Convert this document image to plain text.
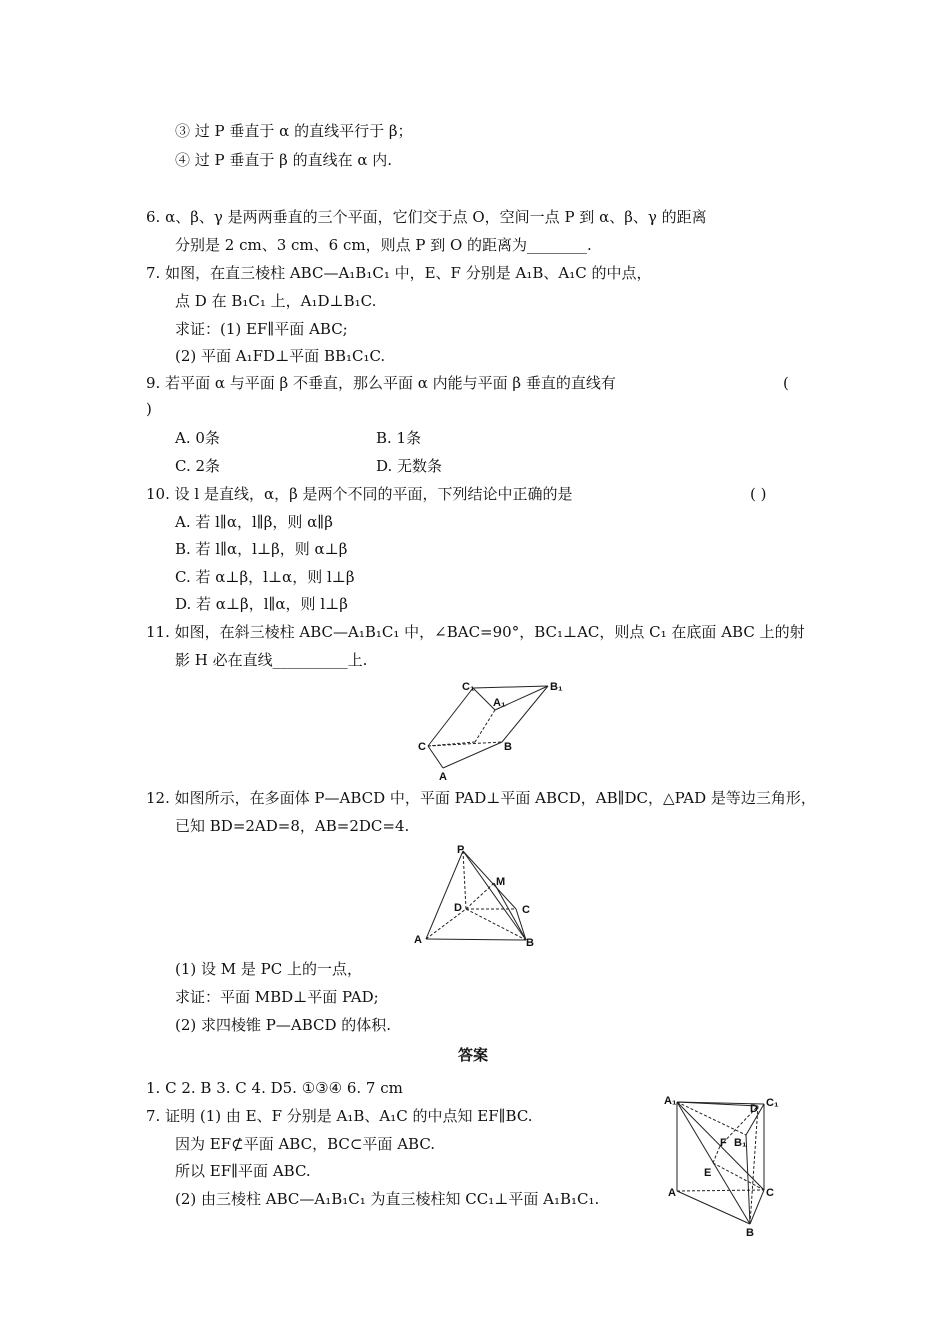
③ 过 P 垂直于 α 的直线平行于 β；
④ 过 P 垂直于 β 的直线在 α 内.
6. α、β、γ 是两两垂直的三个平面，它们交于点 O，空间一点 P 到 α、β、γ 的距离
分别是 2 cm、3 cm、6 cm，则点 P 到 O 的距离为________.
7. 如图，在直三棱柱 ABC—A₁B₁C₁ 中，E、F 分别是 A₁B、A₁C 的中点，
点 D 在 B₁C₁ 上，A₁D⊥B₁C.
求证：(1) EF∥平面 ABC;
(2) 平面 A₁FD⊥平面 BB₁C₁C.
9. 若平面 α 与平面 β 不垂直，那么平面 α 内能与平面 β 垂直的直线有	(
)
A. 0条	B. 1条
C. 2条	D. 无数条
10. 设 l 是直线，α，β 是两个不同的平面，下列结论中正确的是	( )
A. 若 l∥α，l∥β，则 α∥β
B. 若 l∥α，l⊥β，则 α⊥β
C. 若 α⊥β，l⊥α，则 l⊥β
D. 若 α⊥β，l∥α，则 l⊥β
11. 如图，在斜三棱柱 ABC—A₁B₁C₁ 中，∠BAC=90°，BC₁⊥AC，则点 C₁ 在底面 ABC 上的射
影 H 必在直线__________上.
C₁
A₁
B₁
C	B
A
12. 如图所示，在多面体 P—ABCD 中，平面 PAD⊥平面 ABCD，AB∥DC，△PAD 是等边三角形，
已知 BD=2AD=8，AB=2DC=4.
P
M
D	C
A	B
(1) 设 M 是 PC 上的一点，
求证：平面 MBD⊥平面 PAD;
(2) 求四棱锥 P—ABCD 的体积.
答案
1. C 2. B 3. C 4. D5. ①③④ 6. 7 cm
7. 证明 (1) 由 E、F 分别是 A₁B、A₁C 的中点知 EF∥BC.
因为 EF⊄平面 ABC，BC⊂平面 ABC.
所以 EF∥平面 ABC.
(2) 由三棱柱 ABC—A₁B₁C₁ 为直三棱柱知 CC₁⊥平面 A₁B₁C₁.
A₁
D C₁
F B₁
E
A	C
B
